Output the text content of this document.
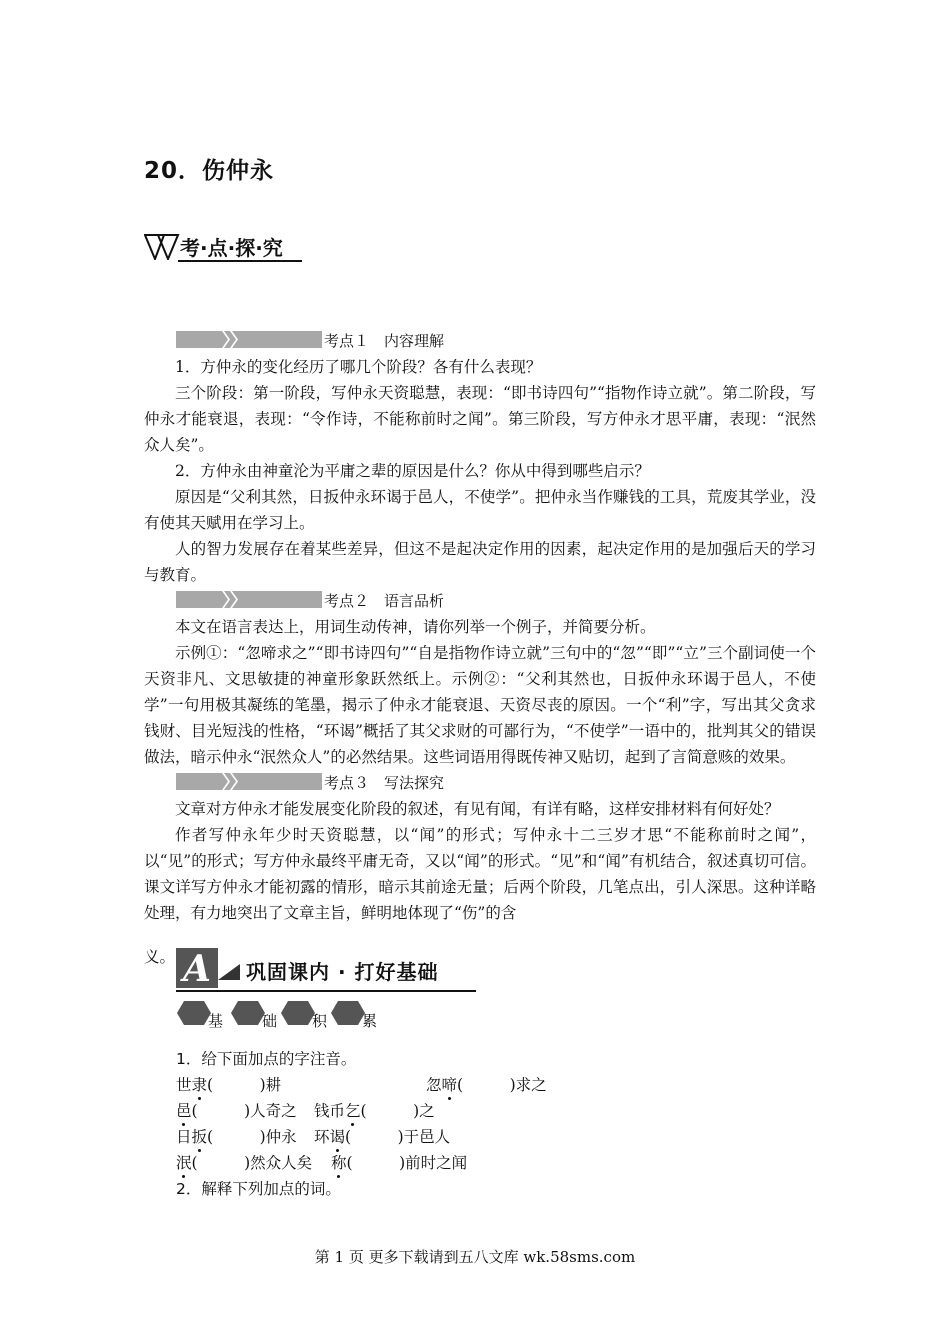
20．伤仲永
考·点·探·究
考点１　内容理解

1．方仲永的变化经历了哪几个阶段？各有什么表现？

三个阶段：第一阶段，写仲永天资聪慧，表现：“即书诗四句”“指物作诗立就”。第二阶段，写仲永才能衰退，表现：“令作诗，不能称前时之闻”。第三阶段，写方仲永才思平庸，表现：“泯然众人矣”。

2．方仲永由神童沦为平庸之辈的原因是什么？你从中得到哪些启示？

原因是“父利其然，日扳仲永环谒于邑人，不使学”。把仲永当作赚钱的工具，荒废其学业，没有使其天赋用在学习上。

人的智力发展存在着某些差异，但这不是起决定作用的因素，起决定作用的是加强后天的学习与教育。

考点２　语言品析

本文在语言表达上，用词生动传神，请你列举一个例子，并简要分析。

示例①：“忽啼求之”“即书诗四句”“自是指物作诗立就”三句中的“忽”“即”“立”三个副词使一个天资非凡、文思敏捷的神童形象跃然纸上。示例②：“父利其然也，日扳仲永环谒于邑人，不使学”一句用极其凝练的笔墨，揭示了仲永才能衰退、天资尽丧的原因。一个“利”字，写出其父贪求钱财、目光短浅的性格，“环谒”概括了其父求财的可鄙行为，“不使学”一语中的，批判其父的错误做法，暗示仲永“泯然众人”的必然结果。这些词语用得既传神又贴切，起到了言简意赅的效果。

考点３　写法探究

文章对方仲永才能发展变化阶段的叙述，有见有闻，有详有略，这样安排材料有何好处？

作者写仲永年少时天资聪慧，以“闻”的形式；写仲永十二三岁才思“不能称前时之闻”，以“见”的形式；写方仲永最终平庸无奇，又以“闻”的形式。“见”和“闻”有机结合，叙述真切可信。课文详写方仲永才能初露的情形，暗示其前途无量；后两个阶段，几笔点出，引人深思。这种详略处理，有力地突出了文章主旨，鲜明地体现了“伤”的含

义。 A	巩固课内 · 打好基础
基	础 积 累
1．给下面加点的字注音。
世隶(　　　)耕	忽啼(　　　)求之
邑(　　　)人奇之 钱币乞(　　　)之
日扳(　　　)仲永 环谒(　　　)于邑人
泯(　　　)然众人矣 称(　　　)前时之闻
2．解释下列加点的词。
第 1 页 更多下载请到五八文库 wk.58sms.com
